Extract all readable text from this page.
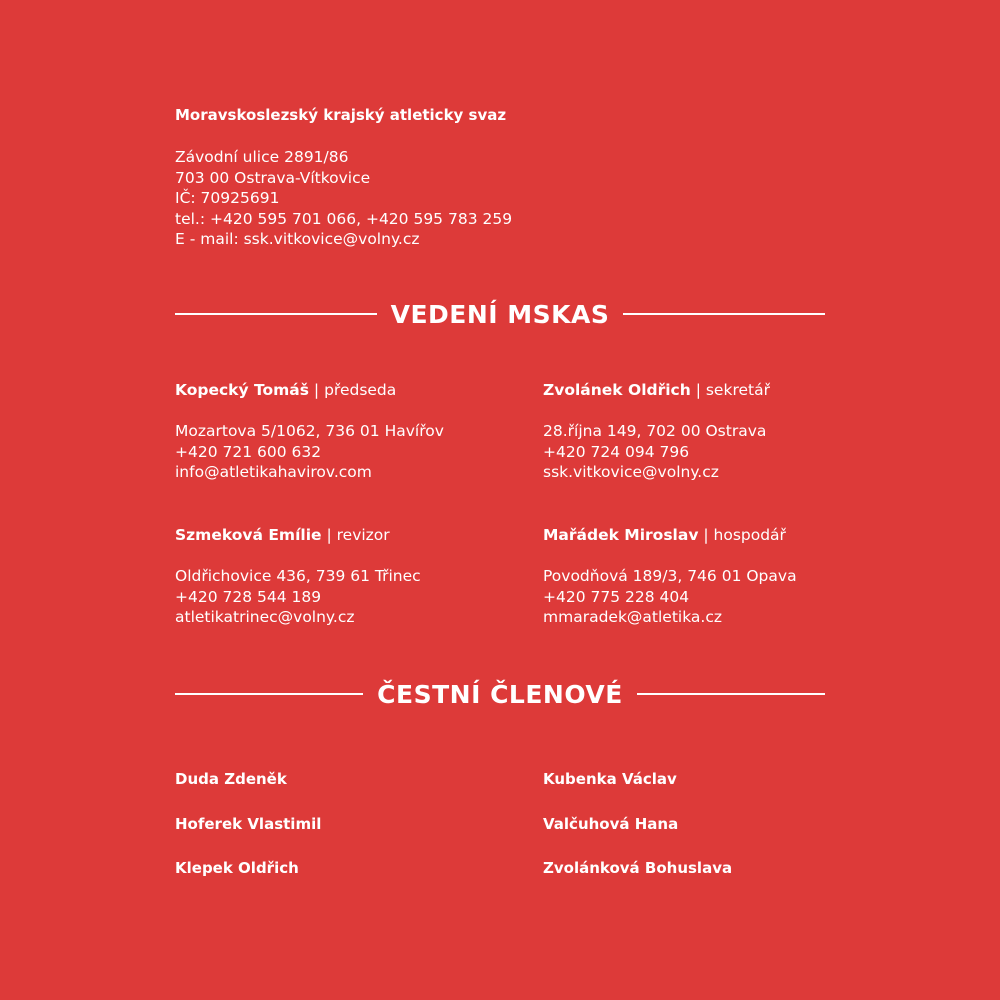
Moravskoslezský krajský atleticky svaz
Závodní ulice 2891/86
703 00 Ostrava-Vítkovice
IČ: 70925691
tel.: +420 595 701 066, +420 595 783 259
E - mail: ssk.vitkovice@volny.cz
VEDENÍ MSKAS
Kopecký Tomáš | předseda
Mozartova 5/1062, 736 01 Havířov
+420 721 600 632
info@atletikahavirov.com
Zvolánek Oldřich | sekretář
28.října 149, 702 00 Ostrava
+420 724 094 796
ssk.vitkovice@volny.cz
Szmeková Emílie | revizor
Oldřichovice 436, 739 61 Třinec
+420 728 544 189
atletikatrinec@volny.cz
Mařádek Miroslav | hospodář
Povodňová 189/3, 746 01 Opava
+420 775 228 404
mmaradek@atletika.cz
ČESTNÍ ČLENOVÉ
Duda Zdeněk	Kubenka Václav
Hoferek Vlastimil	Valčuhová Hana
Klepek Oldřich	Zvolánková Bohuslava
